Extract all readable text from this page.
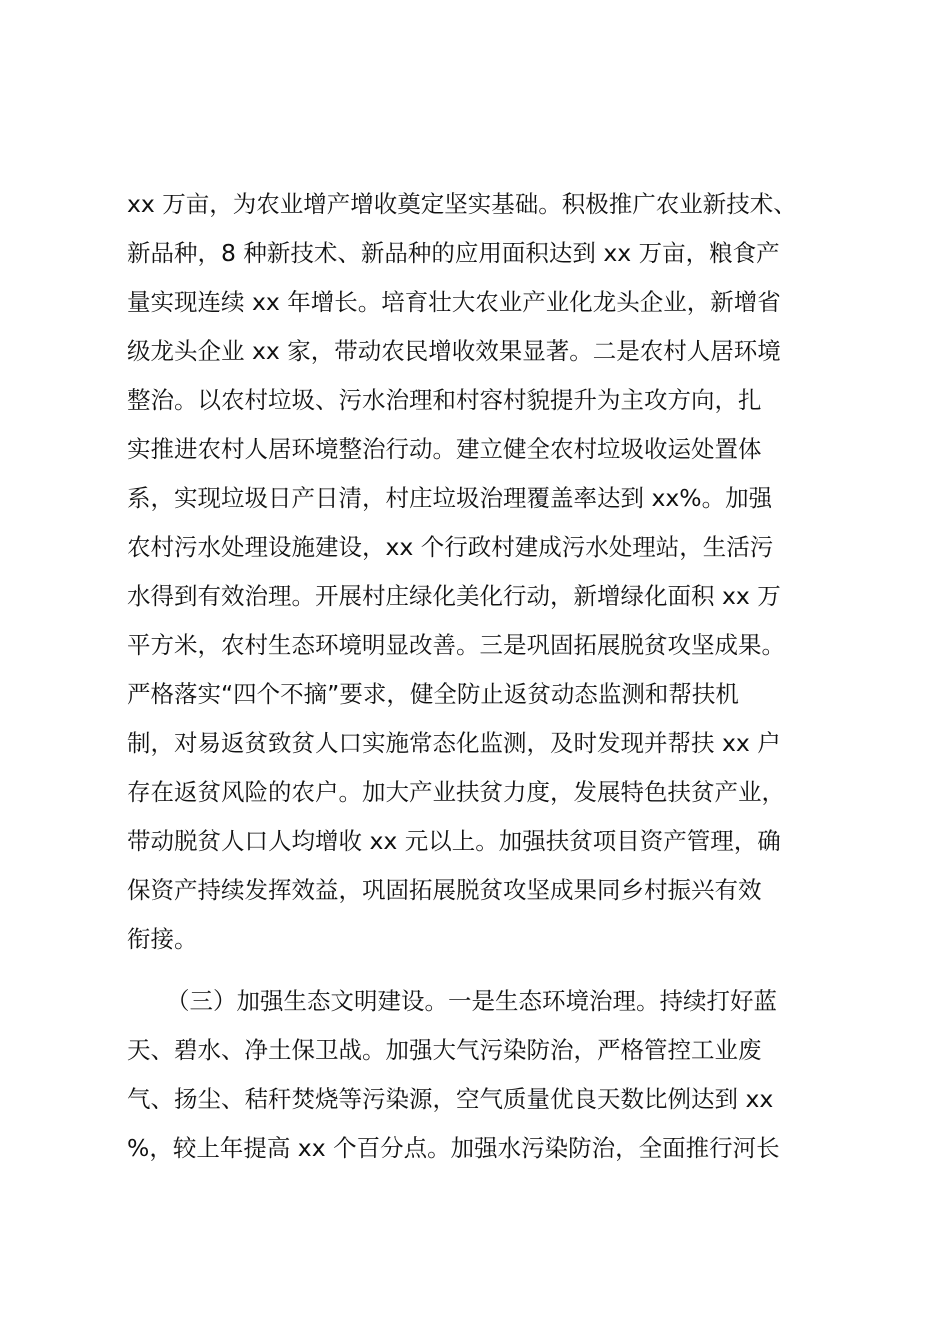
xx 万亩，为农业增产增收奠定坚实基础。积极推广农业新技术、
新品种，8 种新技术、新品种的应用面积达到 xx 万亩，粮食产
量实现连续 xx 年增长。培育壮大农业产业化龙头企业，新增省
级龙头企业 xx 家，带动农民增收效果显著。二是农村人居环境
整治。以农村垃圾、污水治理和村容村貌提升为主攻方向，扎
实推进农村人居环境整治行动。建立健全农村垃圾收运处置体
系，实现垃圾日产日清，村庄垃圾治理覆盖率达到 xx%。加强
农村污水处理设施建设，xx 个行政村建成污水处理站，生活污
水得到有效治理。开展村庄绿化美化行动，新增绿化面积 xx 万
平方米，农村生态环境明显改善。三是巩固拓展脱贫攻坚成果。
严格落实“四个不摘”要求，健全防止返贫动态监测和帮扶机
制，对易返贫致贫人口实施常态化监测，及时发现并帮扶 xx 户
存在返贫风险的农户。加大产业扶贫力度，发展特色扶贫产业，
带动脱贫人口人均增收 xx 元以上。加强扶贫项目资产管理，确
保资产持续发挥效益，巩固拓展脱贫攻坚成果同乡村振兴有效
衔接。
（三）加强生态文明建设。一是生态环境治理。持续打好蓝
天、碧水、净土保卫战。加强大气污染防治，严格管控工业废
气、扬尘、秸秆焚烧等污染源，空气质量优良天数比例达到 xx
%，较上年提高 xx 个百分点。加强水污染防治，全面推行河长
